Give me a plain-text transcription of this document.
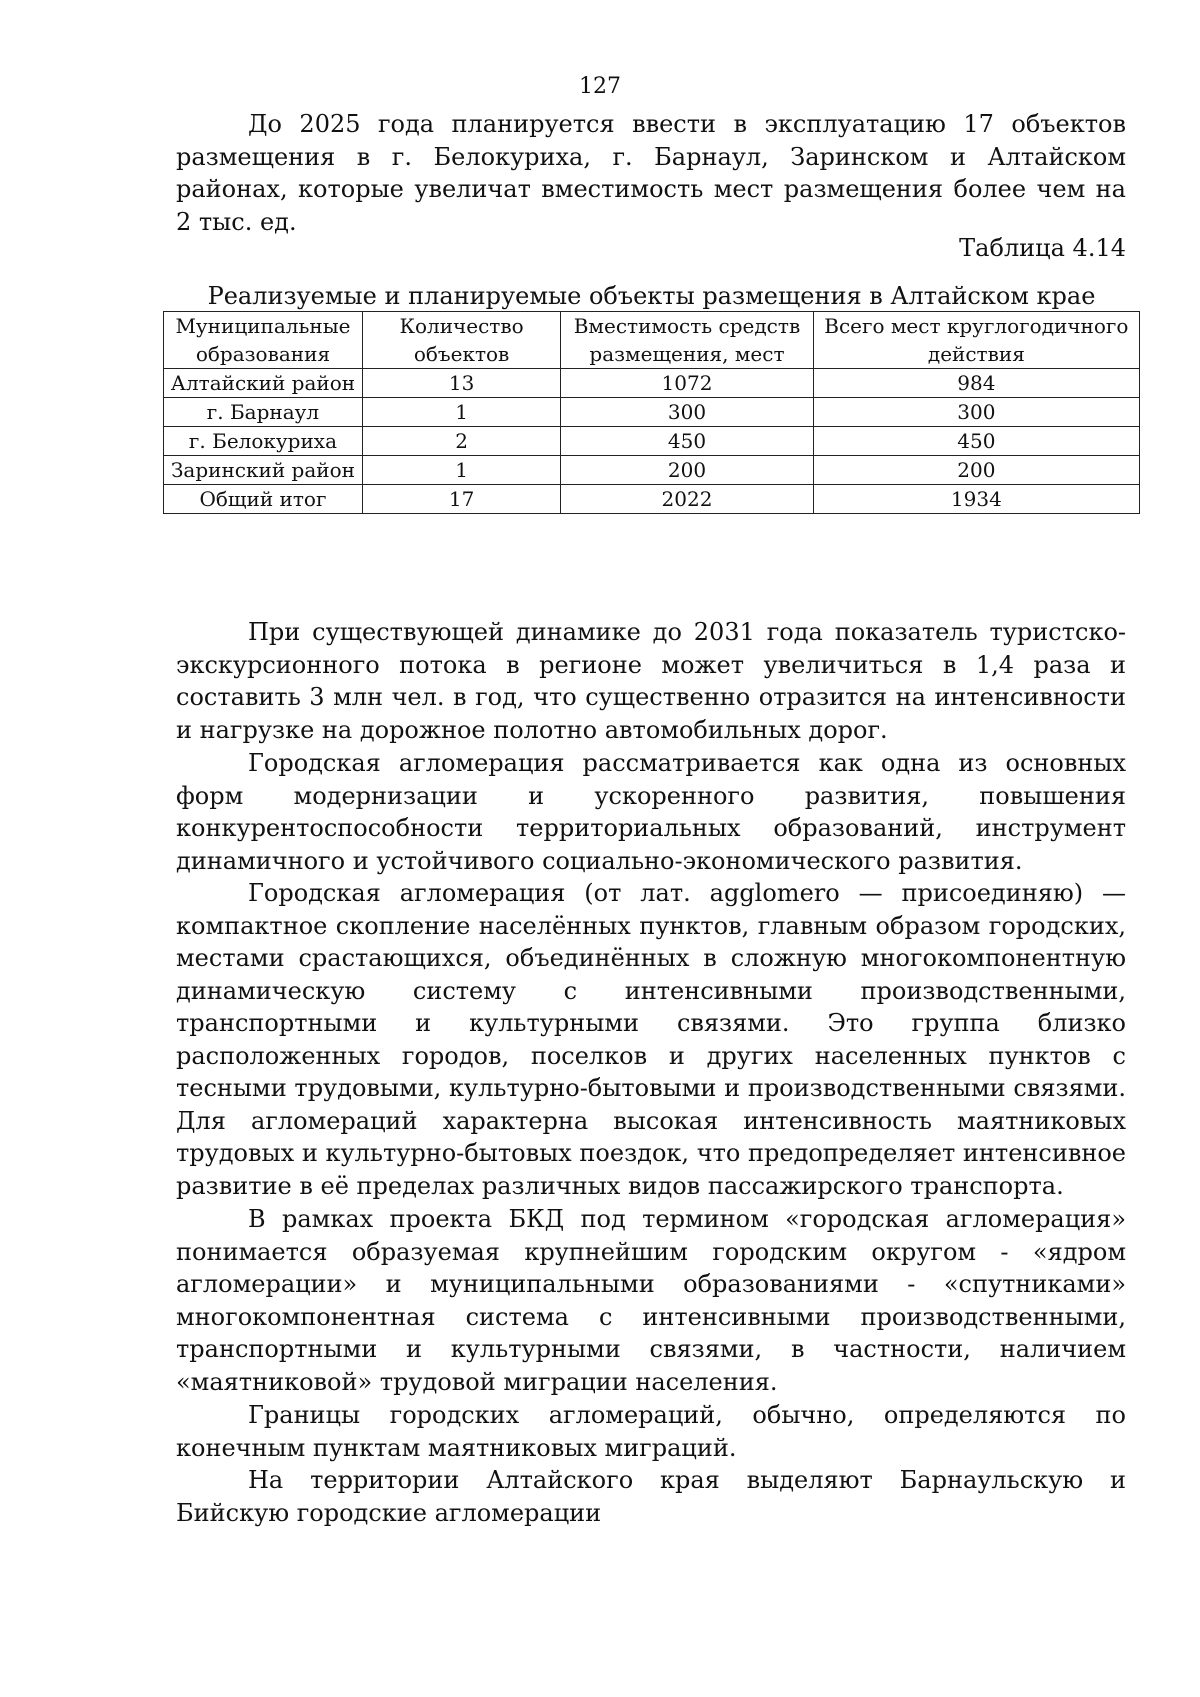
127

До 2025 года планируется ввести в эксплуатацию 17 объектов размещения в г. Белокуриха, г. Барнаул, Заринском и Алтайском районах, которые увеличат вместимость мест размещения более чем на 2 тыс. ед.

Таблица 4.14
Реализуемые и планируемые объекты размещения в Алтайском крае
Муниципальные образования	Количество объектов	Вместимость средств размещения, мест	Всего мест круглогодичного действия
Алтайский район	13	1072	984
г. Барнаул	1	300	300
г. Белокуриха	2	450	450
Заринский район	1	200	200
Общий итог	17	2022	1934

При существующей динамике до 2031 года показатель туристско-экскурсионного потока в регионе может увеличиться в 1,4 раза и составить 3 млн чел. в год, что существенно отразится на интенсивности и нагрузке на дорожное полотно автомобильных дорог.

Городская агломерация рассматривается как одна из основных форм модернизации и ускоренного развития, повышения конкурентоспособности территориальных образований, инструмент динамичного и устойчивого социально-экономического развития.

Городская агломерация (от лат. agglomero — присоединяю) — компактное скопление населённых пунктов, главным образом городских, местами срастающихся, объединённых в сложную многокомпонентную динамическую систему с интенсивными производственными, транспортными и культурными связями. Это группа близко расположенных городов, поселков и других населенных пунктов с тесными трудовыми, культурно-бытовыми и производственными связями. Для агломераций характерна высокая интенсивность маятниковых трудовых и культурно-бытовых поездок, что предопределяет интенсивное развитие в её пределах различных видов пассажирского транспорта.

В рамках проекта БКД под термином «городская агломерация» понимается образуемая крупнейшим городским округом - «ядром агломерации» и муниципальными образованиями - «спутниками» многокомпонентная система с интенсивными производственными, транспортными и культурными связями, в частности, наличием «маятниковой» трудовой миграции населения.

Границы городских агломераций, обычно, определяются по конечным пунктам маятниковых миграций.

На территории Алтайского края выделяют Барнаульскую и Бийскую городские агломерации
